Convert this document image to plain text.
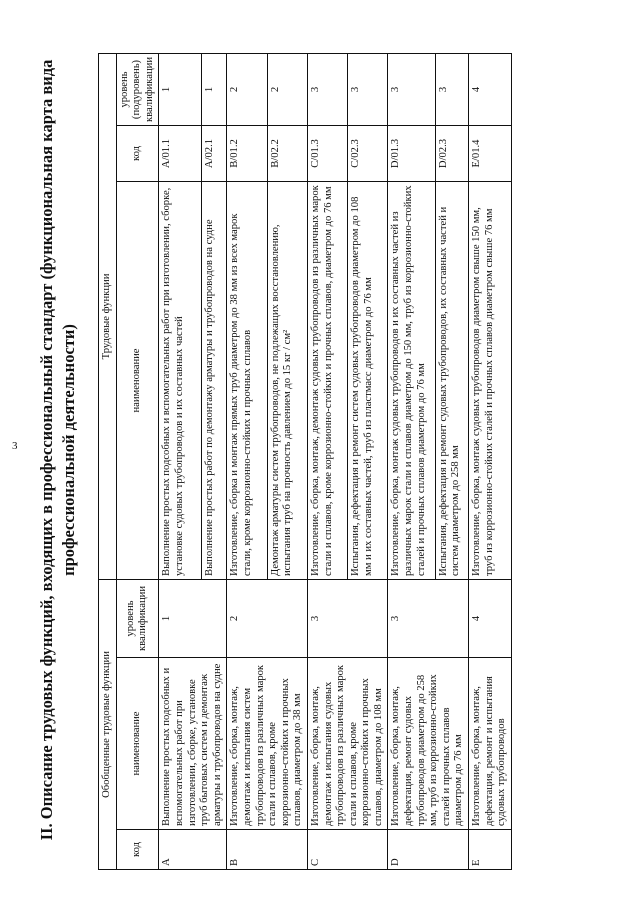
3 II. Описание трудовых функций, входящих в профессиональный стандарт (функциональная карта вида профессиональной деятельности)
Обобщенные трудовые функции			Трудовые функции		
код	наименование	уровень квалификации	наименование	код	уровень (подуровень) квалификации
A	Выполнение простых подсобных и вспомогательных работ при изготовлении, сборке, установке труб бытовых систем и демонтаж арматуры и трубопроводов на судне	1	Выполнение простых подсобных и вспомогательных работ при изготовлении, сборке, установке судовых трубопроводов и их составных частей	A/01.1	1
			Выполнение простых работ по демонтажу арматуры и трубопроводов на судне	A/02.1	1
B	Изготовление, сборка, монтаж, демонтаж и испытания систем трубопроводов из различных марок стали и сплавов, кроме коррозионно-стойких и прочных сплавов, диаметром до 38 мм	2	Изготовление, сборка и монтаж прямых труб диаметром до 38 мм из всех марок стали, кроме коррозионно-стойких и прочных сплавов	B/01.2	2
			Демонтаж арматуры систем трубопроводов, не подлежащих восстановлению, испытания труб на прочность давлением до 15 кг / см²	B/02.2	2
C	Изготовление, сборка, монтаж, демонтаж и испытания судовых трубопроводов из различных марок стали и сплавов, кроме коррозионно-стойких и прочных сплавов, диаметром до 108 мм	3	Изготовление, сборка, монтаж, демонтаж судовых трубопроводов из различных марок стали и сплавов, кроме коррозионно-стойких и прочных сплавов, диаметром до 76 мм	C/01.3	3
			Испытания, дефектация и ремонт систем судовых трубопроводов диаметром до 108 мм и их составных частей, труб из пластмасс диаметром до 76 мм	C/02.3	3
D	Изготовление, сборка, монтаж, дефектация, ремонт судовых трубопроводов диаметром до 258 мм, труб из коррозионно-стойких сталей и прочных сплавов диаметром до 76 мм	3	Изготовление, сборка, монтаж судовых трубопроводов и их составных частей из различных марок стали и сплавов диаметром до 150 мм, труб из коррозионно-стойких сталей и прочных сплавов диаметром до 76 мм	D/01.3	3
			Испытания, дефектация и ремонт судовых трубопроводов, их составных частей и систем диаметром до 258 мм	D/02.3	3
E	Изготовление, сборка, монтаж, дефектация, ремонт и испытания судовых трубопроводов	4	Изготовление, сборка, монтаж судовых трубопроводов диаметром свыше 150 мм, труб из коррозионно-стойких сталей и прочных сплавов диаметром свыше 76 мм	E/01.4	4
